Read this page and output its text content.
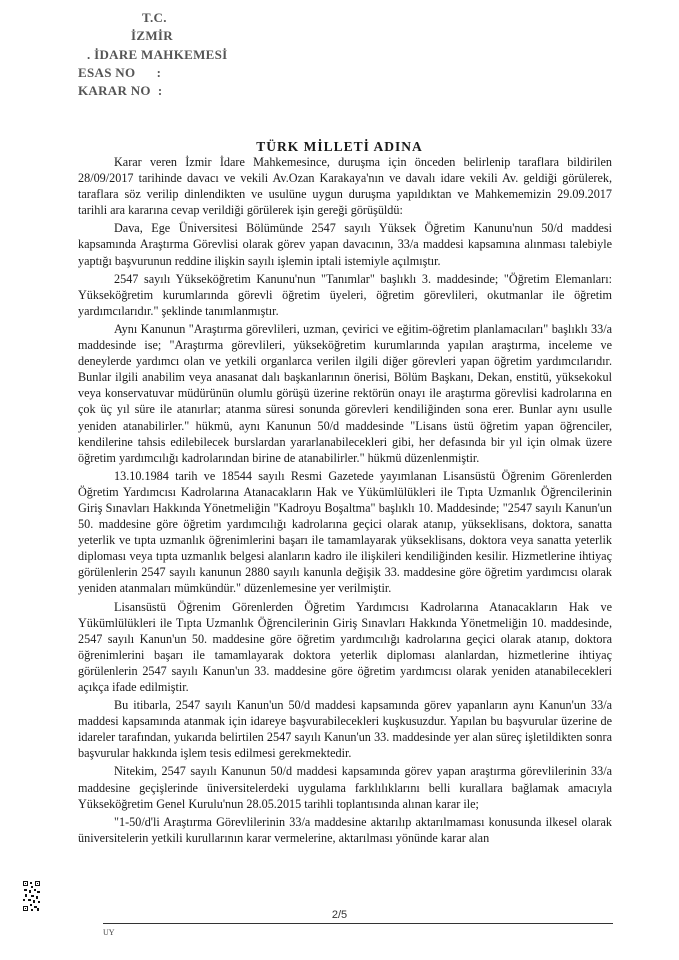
T.C.
İZMİR
. İDARE MAHKEMESİ
ESAS NO      :
KARAR NO  :
TÜRK MİLLETİ ADINA

Karar veren İzmir İdare Mahkemesince, duruşma için önceden belirlenip taraflara bildirilen 28/09/2017 tarihinde davacı ve vekili Av.Ozan Karakaya'nın ve davalı idare vekili Av. geldiği görülerek, taraflara söz verilip dinlendikten ve usulüne uygun duruşma yapıldıktan ve Mahkememizin 29.09.2017 tarihli ara kararına cevap verildiği görülerek işin gereği görüşüldü:

Dava, Ege Üniversitesi Bölümünde 2547 sayılı Yüksek Öğretim Kanunu'nun 50/d maddesi kapsamında Araştırma Görevlisi olarak görev yapan davacının, 33/a maddesi kapsamına alınması talebiyle yaptığı başvurunun reddine ilişkin sayılı işlemin iptali istemiyle açılmıştır.

2547 sayılı Yükseköğretim Kanunu'nun "Tanımlar" başlıklı 3. maddesinde; "Öğretim Elemanları: Yükseköğretim kurumlarında görevli öğretim üyeleri, öğretim görevlileri, okutmanlar ile öğretim yardımcılarıdır." şeklinde tanımlanmıştır.

Aynı Kanunun "Araştırma görevlileri, uzman, çevirici ve eğitim-öğretim planlamacıları" başlıklı 33/a maddesinde ise; "Araştırma görevlileri, yükseköğretim kurumlarında yapılan araştırma, inceleme ve deneylerde yardımcı olan ve yetkili organlarca verilen ilgili diğer görevleri yapan öğretim yardımcılarıdır. Bunlar ilgili anabilim veya anasanat dalı başkanlarının önerisi, Bölüm Başkanı, Dekan, enstitü, yüksekokul veya konservatuvar müdürünün olumlu görüşü üzerine rektörün onayı ile araştırma görevlisi kadrolarına en çok üç yıl süre ile atanırlar; atanma süresi sonunda görevleri kendiliğinden sona erer. Bunlar aynı usulle yeniden atanabilirler." hükmü, aynı Kanunun 50/d maddesinde "Lisans üstü öğretim yapan öğrenciler, kendilerine tahsis edilebilecek burslardan yararlanabilecekleri gibi, her defasında bir yıl için olmak üzere öğretim yardımcılığı kadrolarından birine de atanabilirler." hükmü düzenlenmiştir.

13.10.1984 tarih ve 18544 sayılı Resmi Gazetede yayımlanan Lisansüstü Öğrenim Görenlerden Öğretim Yardımcısı Kadrolarına Atanacakların Hak ve Yükümlülükleri ile Tıpta Uzmanlık Öğrencilerinin Giriş Sınavları Hakkında Yönetmeliğin "Kadroyu Boşaltma" başlıklı 10. Maddesinde; "2547 sayılı Kanun'un 50. maddesine göre öğretim yardımcılığı kadrolarına geçici olarak atanıp, yükseklisans, doktora, sanatta yeterlik ve tıpta uzmanlık öğrenimlerini başarı ile tamamlayarak yükseklisans, doktora veya sanatta yeterlik diploması veya tıpta uzmanlık belgesi alanların kadro ile ilişkileri kendiliğinden kesilir. Hizmetlerine ihtiyaç görülenlerin 2547 sayılı kanunun 2880 sayılı kanunla değişik 33. maddesine göre öğretim yardımcısı olarak yeniden atanmaları mümkündür." düzenlemesine yer verilmiştir.

Lisansüstü Öğrenim Görenlerden Öğretim Yardımcısı Kadrolarına Atanacakların Hak ve Yükümlülükleri ile Tıpta Uzmanlık Öğrencilerinin Giriş Sınavları Hakkında Yönetmeliğin 10. maddesinde, 2547 sayılı Kanun'un 50. maddesine göre öğretim yardımcılığı kadrolarına geçici olarak atanıp, doktora öğrenimlerini başarı ile tamamlayarak doktora yeterlik diploması alanlardan, hizmetlerine ihtiyaç görülenlerin 2547 sayılı Kanun'un 33. maddesine göre öğretim yardımcısı olarak yeniden atanabilecekleri açıkça ifade edilmiştir.

Bu itibarla, 2547 sayılı Kanun'un 50/d maddesi kapsamında görev yapanların aynı Kanun'un 33/a maddesi kapsamında atanmak için idareye başvurabilecekleri kuşkusuzdur. Yapılan bu başvurular üzerine de idareler tarafından, yukarıda belirtilen 2547 sayılı Kanun'un 33. maddesinde yer alan süreç işletildikten sonra başvurular hakkında işlem tesis edilmesi gerekmektedir.

Nitekim, 2547 sayılı Kanunun 50/d maddesi kapsamında görev yapan araştırma görevlilerinin 33/a maddesine geçişlerinde üniversitelerdeki uygulama farklılıklarını belli kurallara bağlamak amacıyla Yükseköğretim Genel Kurulu'nun 28.05.2015 tarihli toplantısında alınan karar ile;

"1-50/d'li Araştırma Görevlilerinin 33/a maddesine aktarılıp aktarılmaması konusunda ilkesel olarak üniversitelerin yetkili kurullarının karar vermelerine, aktarılması yönünde karar alan

2/5
UY
